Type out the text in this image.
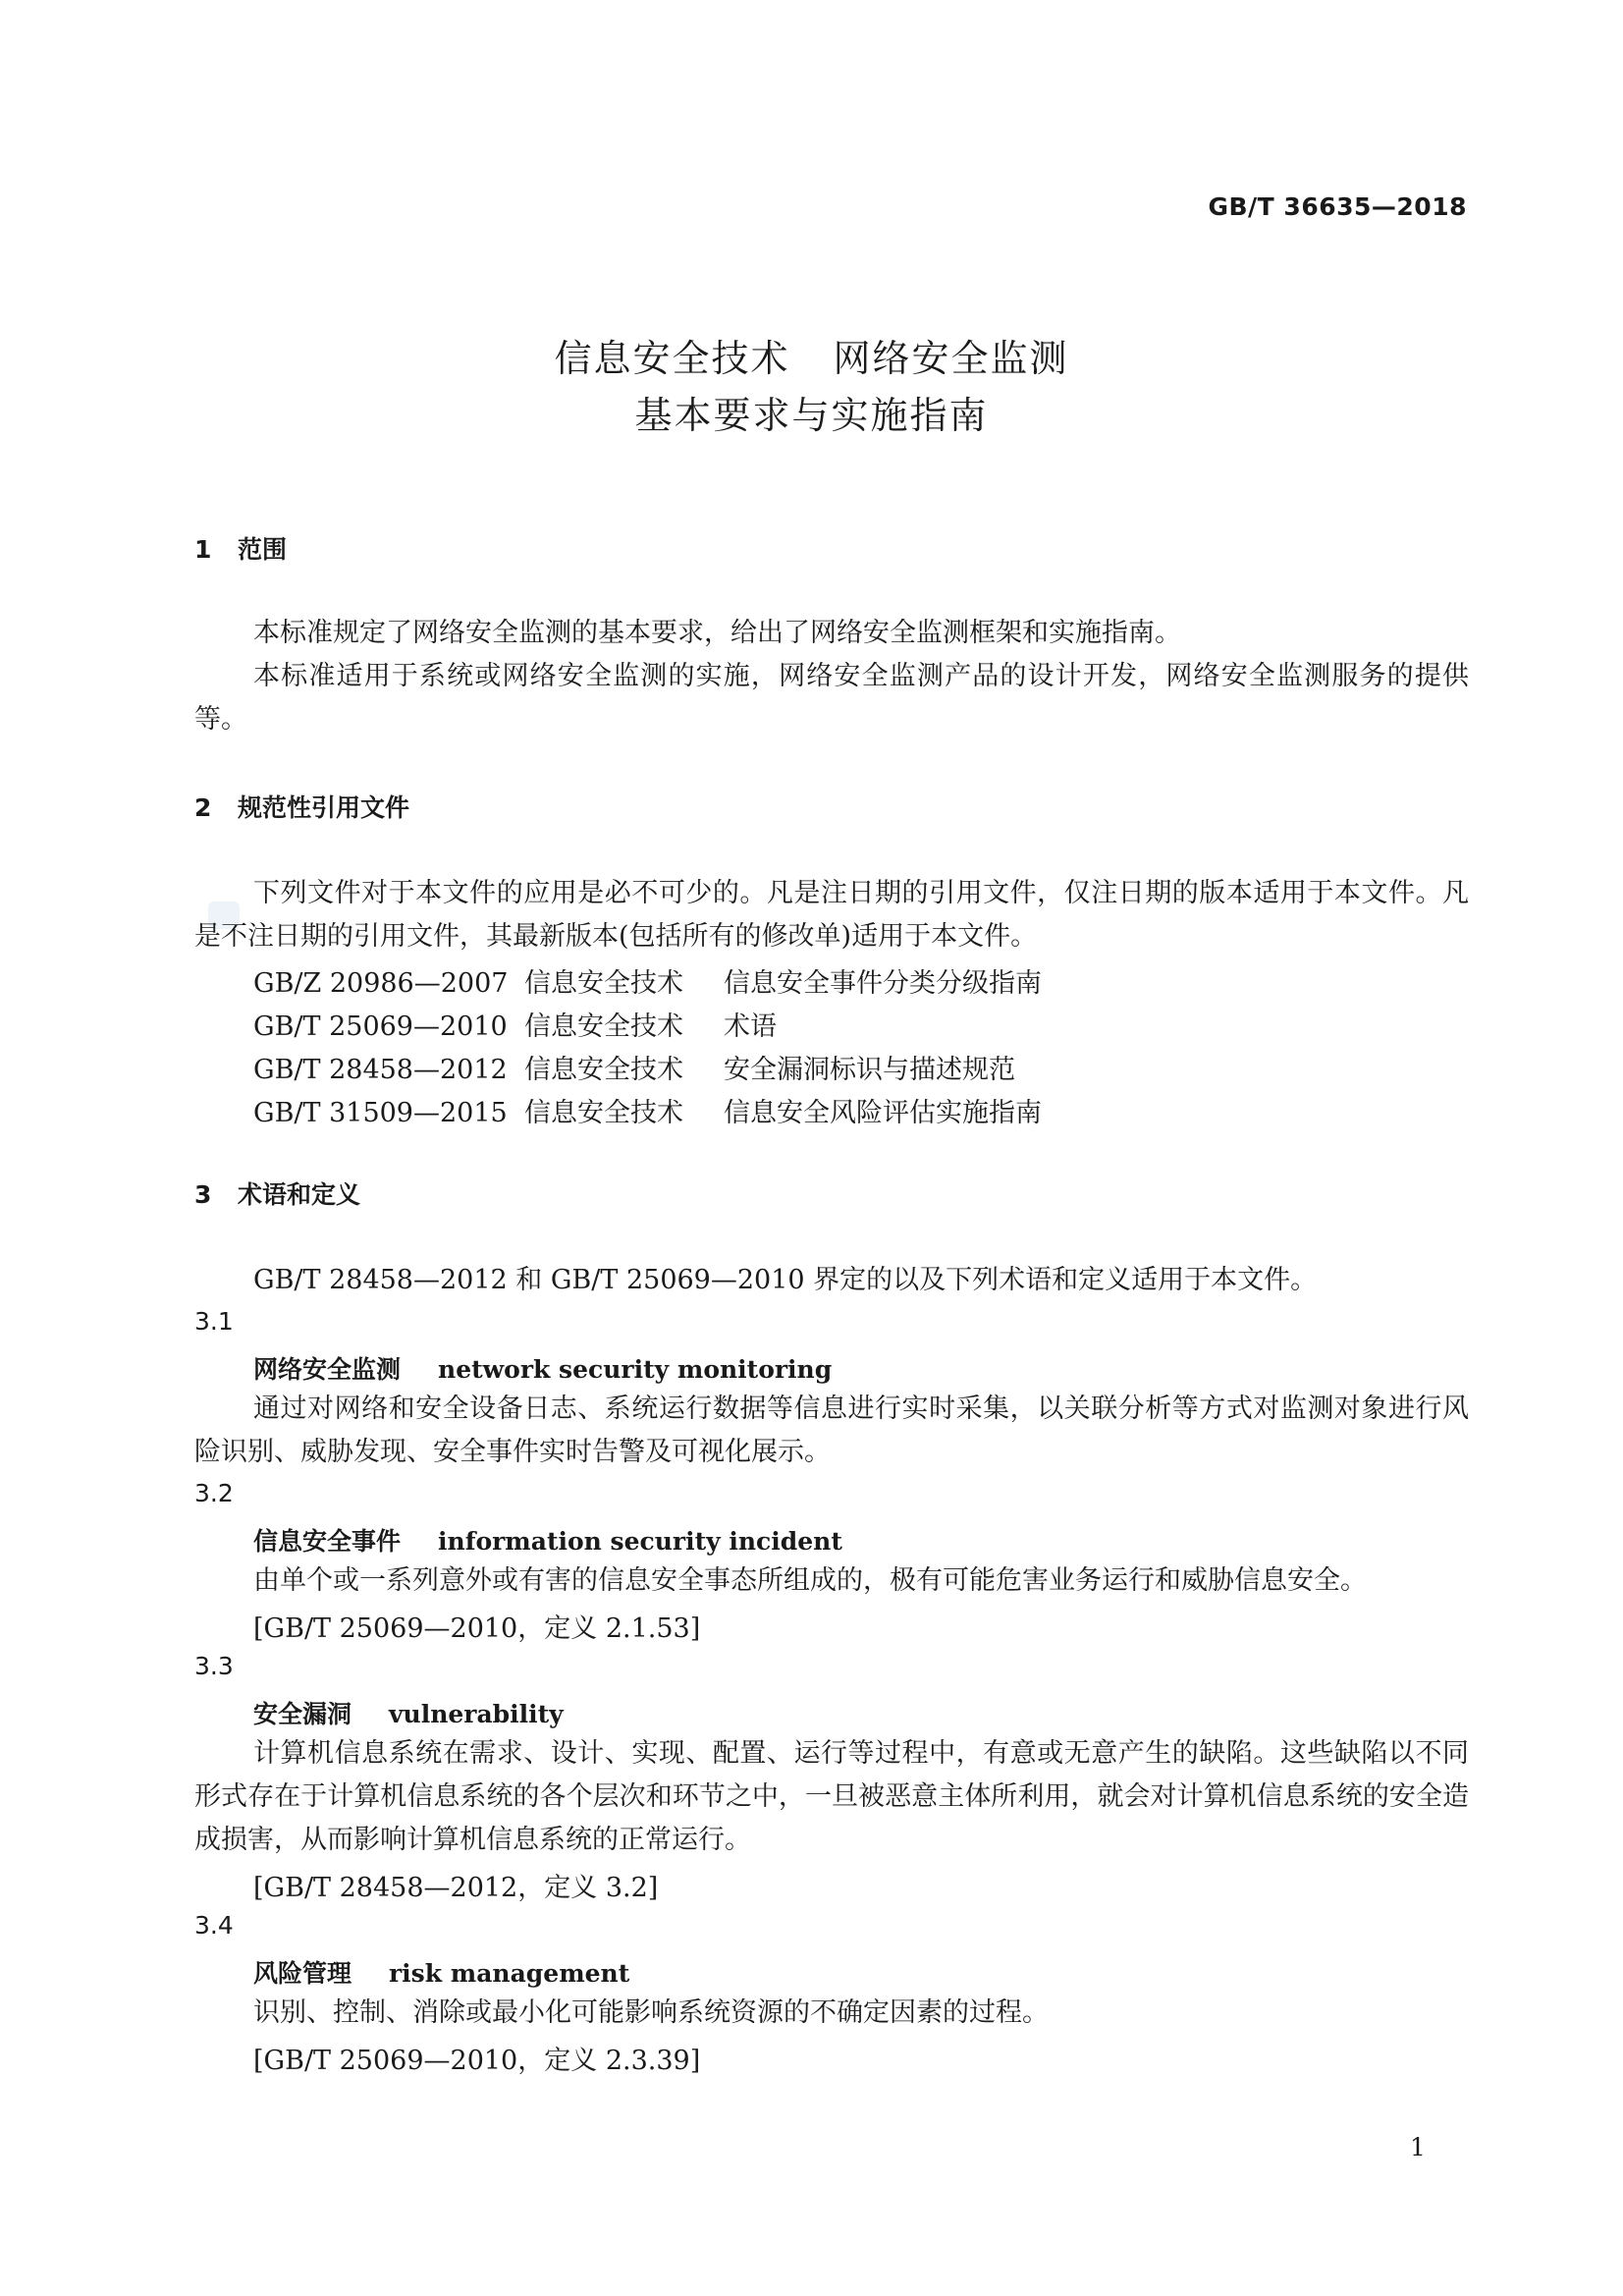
GB/T 36635—2018
信息安全技术 网络安全监测
基本要求与实施指南
1 范围
本标准规定了网络安全监测的基本要求，给出了网络安全监测框架和实施指南。
本标准适用于系统或网络安全监测的实施，网络安全监测产品的设计开发，网络安全监测服务的提供等。
2 规范性引用文件
下列文件对于本文件的应用是必不可少的。凡是注日期的引用文件，仅注日期的版本适用于本文件。凡是不注日期的引用文件，其最新版本(包括所有的修改单)适用于本文件。
GB/Z 20986—2007 信息安全技术 信息安全事件分类分级指南
GB/T 25069—2010 信息安全技术 术语
GB/T 28458—2012 信息安全技术 安全漏洞标识与描述规范
GB/T 31509—2015 信息安全技术 信息安全风险评估实施指南
3 术语和定义
GB/T 28458—2012 和 GB/T 25069—2010 界定的以及下列术语和定义适用于本文件。
3.1
网络安全监测 network security monitoring
通过对网络和安全设备日志、系统运行数据等信息进行实时采集，以关联分析等方式对监测对象进行风险识别、威胁发现、安全事件实时告警及可视化展示。
3.2
信息安全事件 information security incident
由单个或一系列意外或有害的信息安全事态所组成的，极有可能危害业务运行和威胁信息安全。
[GB/T 25069—2010，定义 2.1.53]
3.3
安全漏洞 vulnerability
计算机信息系统在需求、设计、实现、配置、运行等过程中，有意或无意产生的缺陷。这些缺陷以不同形式存在于计算机信息系统的各个层次和环节之中，一旦被恶意主体所利用，就会对计算机信息系统的安全造成损害，从而影响计算机信息系统的正常运行。
[GB/T 28458—2012，定义 3.2]
3.4
风险管理 risk management
识别、控制、消除或最小化可能影响系统资源的不确定因素的过程。
[GB/T 25069—2010，定义 2.3.39]
1
